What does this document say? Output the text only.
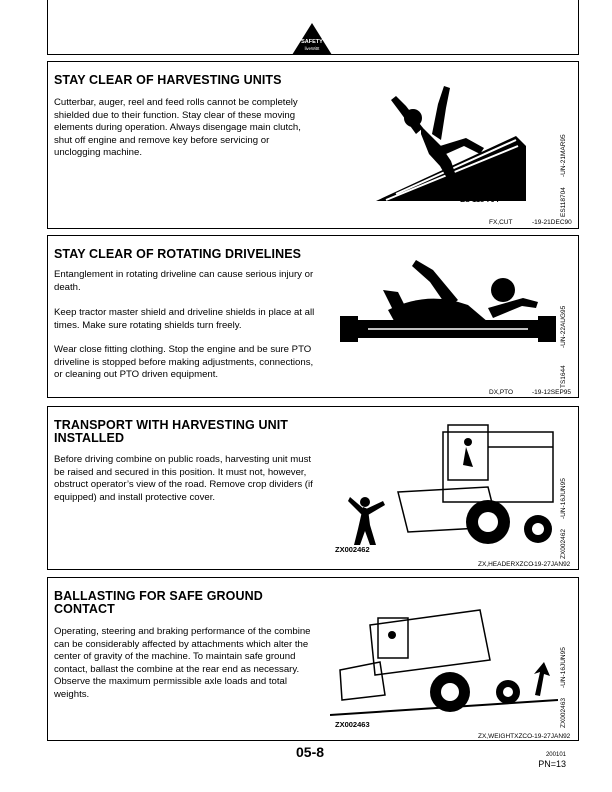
SAFETY
liveWitIt
STAY CLEAR OF HARVESTING UNITS

Cutterbar, auger, reel and feed rolls cannot be completely shielded due to their function. Stay clear of these moving elements during operation. Always disengage main clutch, shut off engine and remove key before servicing or unclogging machine.

ES 118 704	ES118704
-UN-21MAR95
FX,CUT	-19-21DEC90
STAY CLEAR OF ROTATING DRIVELINES

Entanglement in rotating driveline can cause serious injury or death.

Keep tractor master shield and driveline shields in place at all times. Make sure rotating shields turn freely.

Wear close fitting clothing. Stop the engine and be sure PTO driveline is stopped before making adjustments, connections, or cleaning out PTO driven equipment.	TS1644
-UN-22AUG95
DX,PTO	-19-12SEP95
TRANSPORT WITH HARVESTING UNIT
INSTALLED

Before driving combine on public roads, harvesting unit must be raised and secured in this position. It must not, however, obstruct operator’s view of the road. Remove crop dividers (if equipped) and install protective cover.

ZX002462	ZX002462
-UN-16JUN95
ZX,HEADERXZCO
-19-27JAN92
BALLASTING FOR SAFE GROUND
CONTACT

Operating, steering and braking performance of the combine can be considerably affected by attachments which alter the center of gravity of the machine. To maintain safe ground contact, ballast the combine at the rear end as necessary. Observe the maximum permissible axle loads and total weights.

ZX002463	ZX002463
-UN-16JUN95
ZX,WEIGHTXZCO -19-27JAN92
05-8	200101
PN=13
